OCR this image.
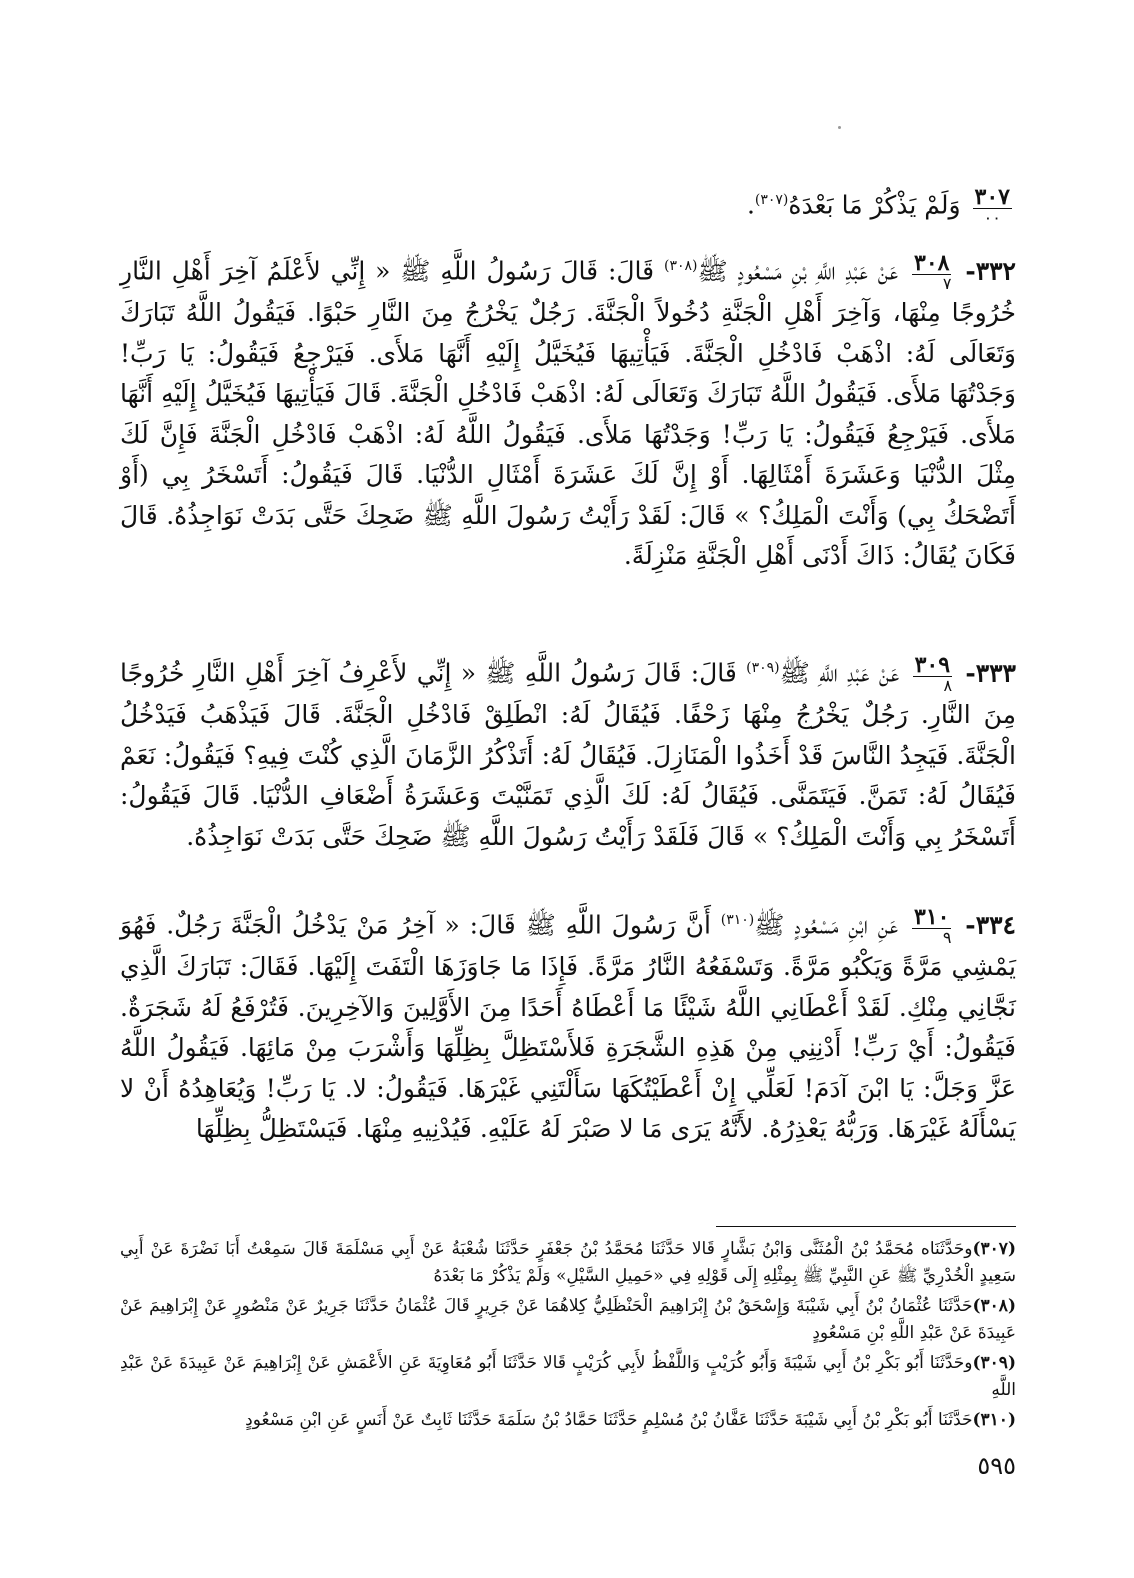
$\frac{٣٠٧}{٠٠}$
وَلَمْ يَذْكُرْ مَا بَعْدَهُ$^{(٣٠٧)}$.
٣٣٢-
$\frac{٣٠٨}{٧}$
عَنْ عَبْدِ اللَّهِ بْنِ مَسْعُودٍ ﷺ$^{(٣٠٨)}$ قَالَ: قَالَ رَسُولُ اللَّهِ ﷺ « إِنِّي لأَعْلَمُ آخِرَ أَهْلِ النَّارِ خُرُوجًا مِنْهَا، وَآخِرَ أَهْلِ الْجَنَّةِ دُخُولاً الْجَنَّةَ. رَجُلٌ يَخْرُجُ مِنَ النَّارِ حَبْوًا. فَيَقُولُ اللَّهُ تَبَارَكَ وَتَعَالَى لَهُ: اذْهَبْ فَادْخُلِ الْجَنَّةَ. فَيَأْتِيهَا فَيُخَيَّلُ إِلَيْهِ أَنَّهَا مَلأَى. فَيَرْجِعُ فَيَقُولُ: يَا رَبِّ! وَجَدْتُهَا مَلأَى. فَيَقُولُ اللَّهُ تَبَارَكَ وَتَعَالَى لَهُ: اذْهَبْ فَادْخُلِ الْجَنَّةَ. قَالَ فَيَأْتِيهَا فَيُخَيَّلُ إِلَيْهِ أَنَّهَا مَلأَى. فَيَرْجِعُ فَيَقُولُ: يَا رَبِّ! وَجَدْتُهَا مَلأَى. فَيَقُولُ اللَّهُ لَهُ: اذْهَبْ فَادْخُلِ الْجَنَّةَ فَإِنَّ لَكَ مِثْلَ الدُّنْيَا وَعَشَرَةَ أَمْثَالِهَا. أَوْ إِنَّ لَكَ عَشَرَةَ أَمْثَالِ الدُّنْيَا. قَالَ فَيَقُولُ: أَتَسْخَرُ بِي (أَوْ أَتَضْحَكُ بِي) وَأَنْتَ الْمَلِكُ؟ » قَالَ: لَقَدْ رَأَيْتُ رَسُولَ اللَّهِ ﷺ ضَحِكَ حَتَّى بَدَتْ نَوَاجِذُهُ. قَالَ فَكَانَ يُقَالُ: ذَاكَ أَدْنَى أَهْلِ الْجَنَّةِ مَنْزِلَةً.
٣٣٣-
$\frac{٣٠٩}{٨}$
عَنْ عَبْدِ اللَّهِ ﷺ$^{(٣٠٩)}$ قَالَ: قَالَ رَسُولُ اللَّهِ ﷺ « إِنِّي لأَعْرِفُ آخِرَ أَهْلِ النَّارِ خُرُوجًا مِنَ النَّارِ. رَجُلٌ يَخْرُجُ مِنْهَا زَحْفًا. فَيُقَالُ لَهُ: انْطَلِقْ فَادْخُلِ الْجَنَّةَ. قَالَ فَيَذْهَبُ فَيَدْخُلُ الْجَنَّةَ. فَيَجِدُ النَّاسَ قَدْ أَخَذُوا الْمَنَازِلَ. فَيُقَالُ لَهُ: أَتَذْكُرُ الزَّمَانَ الَّذِي كُنْتَ فِيهِ؟ فَيَقُولُ: نَعَمْ فَيُقَالُ لَهُ: تَمَنَّ. فَيَتَمَنَّى. فَيُقَالُ لَهُ: لَكَ الَّذِي تَمَنَّيْتَ وَعَشَرَةُ أَضْعَافِ الدُّنْيَا. قَالَ فَيَقُولُ: أَتَسْخَرُ بِي وَأَنْتَ الْمَلِكُ؟ » قَالَ فَلَقَدْ رَأَيْتُ رَسُولَ اللَّهِ ﷺ ضَحِكَ حَتَّى بَدَتْ نَوَاجِذُهُ.
٣٣٤-
$\frac{٣١٠}{٩}$
عَنِ ابْنِ مَسْعُودٍ ﷺ$^{(٣١٠)}$ أَنَّ رَسُولَ اللَّهِ ﷺ قَالَ: « آخِرُ مَنْ يَدْخُلُ الْجَنَّةَ رَجُلٌ. فَهُوَ يَمْشِي مَرَّةً وَيَكْبُو مَرَّةً. وَتَسْفَعُهُ النَّارُ مَرَّةً. فَإِذَا مَا جَاوَزَهَا الْتَفَتَ إِلَيْهَا. فَقَالَ: تَبَارَكَ الَّذِي نَجَّانِي مِنْكِ. لَقَدْ أَعْطَانِي اللَّهُ شَيْئًا مَا أَعْطَاهُ أَحَدًا مِنَ الأَوَّلِينَ وَالآخِرِينَ. فَتُرْفَعُ لَهُ شَجَرَةٌ. فَيَقُولُ: أَيْ رَبِّ! أَدْنِنِي مِنْ هَذِهِ الشَّجَرَةِ فَلأَسْتَظِلَّ بِظِلِّهَا وَأَشْرَبَ مِنْ مَائِهَا. فَيَقُولُ اللَّهُ عَزَّ وَجَلَّ: يَا ابْنَ آدَمَ! لَعَلِّي إِنْ أَعْطَيْتُكَهَا سَأَلْتَنِي غَيْرَهَا. فَيَقُولُ: لا. يَا رَبِّ! وَيُعَاهِدُهُ أَنْ لا يَسْأَلَهُ غَيْرَهَا. وَرَبُّهُ يَعْذِرُهُ. لأَنَّهُ يَرَى مَا لا صَبْرَ لَهُ عَلَيْهِ. فَيُدْنِيهِ مِنْهَا. فَيَسْتَظِلُّ بِظِلِّهَا
(٣٠٧)وحَدَّثَنَاه مُحَمَّدُ بْنُ الْمُثَنَّى وَابْنُ بَشَّارٍ قَالا حَدَّثَنَا مُحَمَّدُ بْنُ جَعْفَرٍ حَدَّثَنَا شُعْبَةُ عَنْ أَبِي مَسْلَمَةَ قَالَ سَمِعْتُ أَبَا نَضْرَةَ عَنْ أَبِي سَعِيدٍ الْخُدْرِيِّ ﷺ عَنِ النَّبِيِّ ﷺ بِمِثْلِهِ إِلَى قَوْلِهِ فِي «حَمِيلِ السَّيْلِ» وَلَمْ يَذْكُرْ مَا بَعْدَهُ
(٣٠٨)حَدَّثَنَا عُثْمَانُ بْنُ أَبِي شَيْبَةَ وَإِسْحَقُ بْنُ إِبْرَاهِيمَ الْحَنْظَلِيُّ كِلاهُمَا عَنْ جَرِيرٍ قَالَ عُثْمَانُ حَدَّثَنَا جَرِيرٌ عَنْ مَنْصُورٍ عَنْ إِبْرَاهِيمَ عَنْ عَبِيدَةَ عَنْ عَبْدِ اللَّهِ بْنِ مَسْعُودٍ
(٣٠٩)وحَدَّثَنَا أَبُو بَكْرِ بْنُ أَبِي شَيْبَةَ وَأَبُو كُرَيْبٍ وَاللَّفْظُ لأَبِي كُرَيْبٍ قَالا حَدَّثَنَا أَبُو مُعَاوِيَةَ عَنِ الأَعْمَشِ عَنْ إِبْرَاهِيمَ عَنْ عَبِيدَةَ عَنْ عَبْدِ اللَّهِ
(٣١٠)حَدَّثَنَا أَبُو بَكْرِ بْنُ أَبِي شَيْبَةَ حَدَّثَنَا عَفَّانُ بْنُ مُسْلِمٍ حَدَّثَنَا حَمَّادُ بْنُ سَلَمَةَ حَدَّثَنَا ثَابِتٌ عَنْ أَنَسٍ عَنِ ابْنِ مَسْعُودٍ
٥٩٥
